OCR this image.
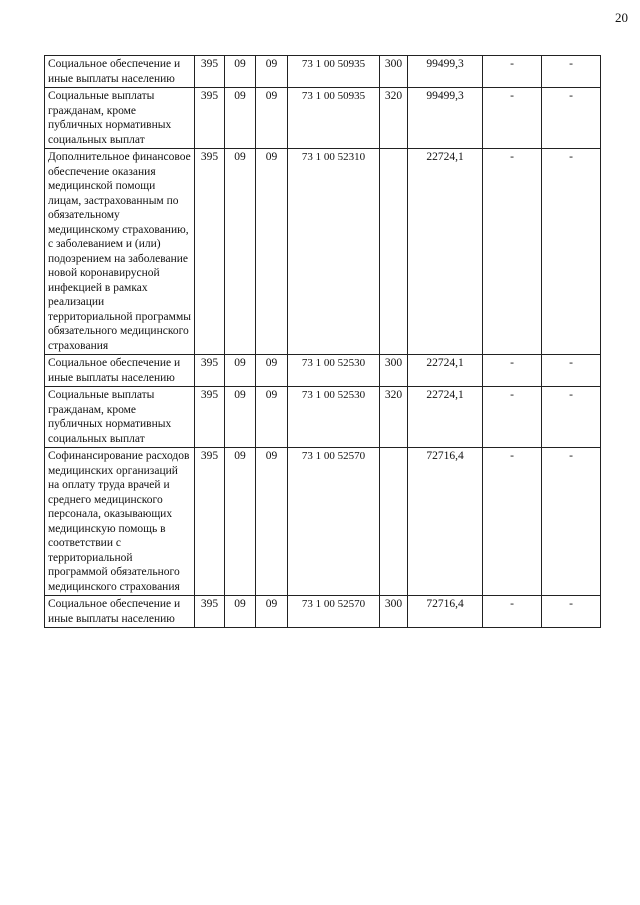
20
Социальное обеспечение и иные выплаты населению	395	09	09	73 1 00 50935	300	99499,3	-	-
Социальные выплаты гражданам, кроме публичных нормативных социальных выплат	395	09	09	73 1 00 50935	320	99499,3	-	-
Дополнительное финансовое обеспечение оказания медицинской помощи лицам, застрахованным по обязательному медицинскому страхованию, с заболеванием и (или) подозрением на заболевание новой коронавирусной инфекцией в рамках реализации территориальной программы обязательного медицинского страхования	395	09	09	73 1 00 52310		22724,1	-	-
Социальное обеспечение и иные выплаты населению	395	09	09	73 1 00 52530	300	22724,1	-	-
Социальные выплаты гражданам, кроме публичных нормативных социальных выплат	395	09	09	73 1 00 52530	320	22724,1	-	-
Софинансирование расходов медицинских организаций на оплату труда врачей и среднего медицинского персонала, оказывающих медицинскую помощь в соответствии с территориальной программой обязательного медицинского страхования	395	09	09	73 1 00 52570		72716,4	-	-
Социальное обеспечение и иные выплаты населению	395	09	09	73 1 00 52570	300	72716,4	-	-
